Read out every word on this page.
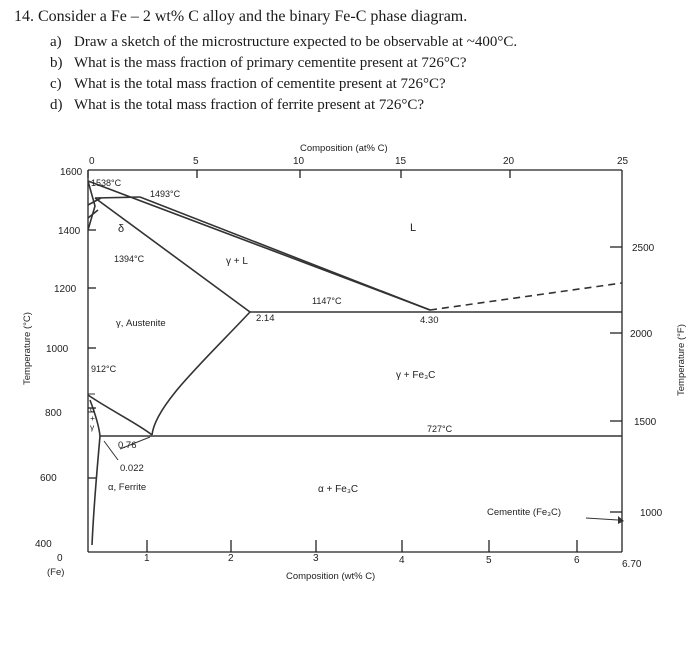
14. Consider a Fe – 2 wt% C alloy and the binary Fe-C phase diagram.
a) Draw a sketch of the microstructure expected to be observable at ~400°C.
b) What is the mass fraction of primary cementite present at 726°C?
c) What is the total mass fraction of cementite present at 726°C?
d) What is the total mass fraction of ferrite present at 726°C?
0	5	10	15	20	25
Composition (at% C)
1600
1400
1200
1000
800
600
400
Temperature (°C)
2500
2000
1500
1000
Temperature (°F)
0	1	2	3	4	5	6	6.70
(Fe)	Composition (wt% C)
1538°C
1493°C
δ	L
1394°C	γ + L
1147°C
2.14	4.30
γ, Austenite
912°C
γ + Fe₃C
α
+
γ	727°C
0.76
0.022
α, Ferrite	α + Fe₃C
Cementite (Fe₃C)
